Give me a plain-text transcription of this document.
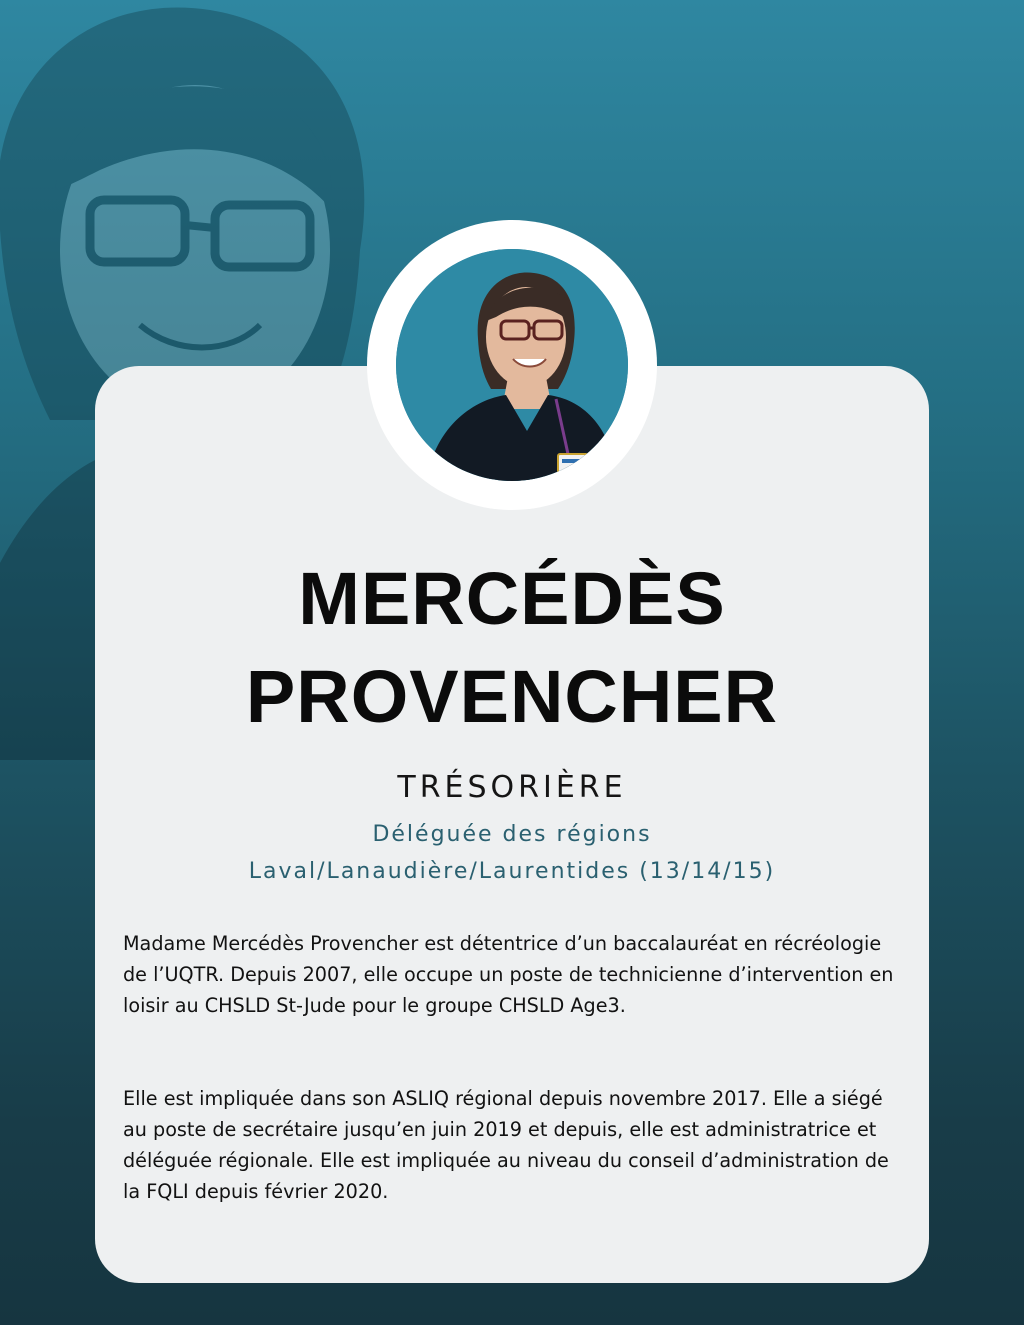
MERCÉDÈS
PROVENCHER
TRÉSORIÈRE
Déléguée des régions
Laval/Lanaudière/Laurentides (13/14/15)

Madame Mercédès Provencher est détentrice d’un baccalauréat en récréologie de l’UQTR. Depuis 2007, elle occupe un poste de technicienne d’intervention en loisir au CHSLD St-Jude pour le groupe CHSLD Age3.

Elle est impliquée dans son ASLIQ régional depuis novembre 2017. Elle a siégé au poste de secrétaire jusqu’en juin 2019 et depuis, elle est administratrice et déléguée régionale. Elle est impliquée au niveau du conseil d’administration de la FQLI depuis février 2020.
